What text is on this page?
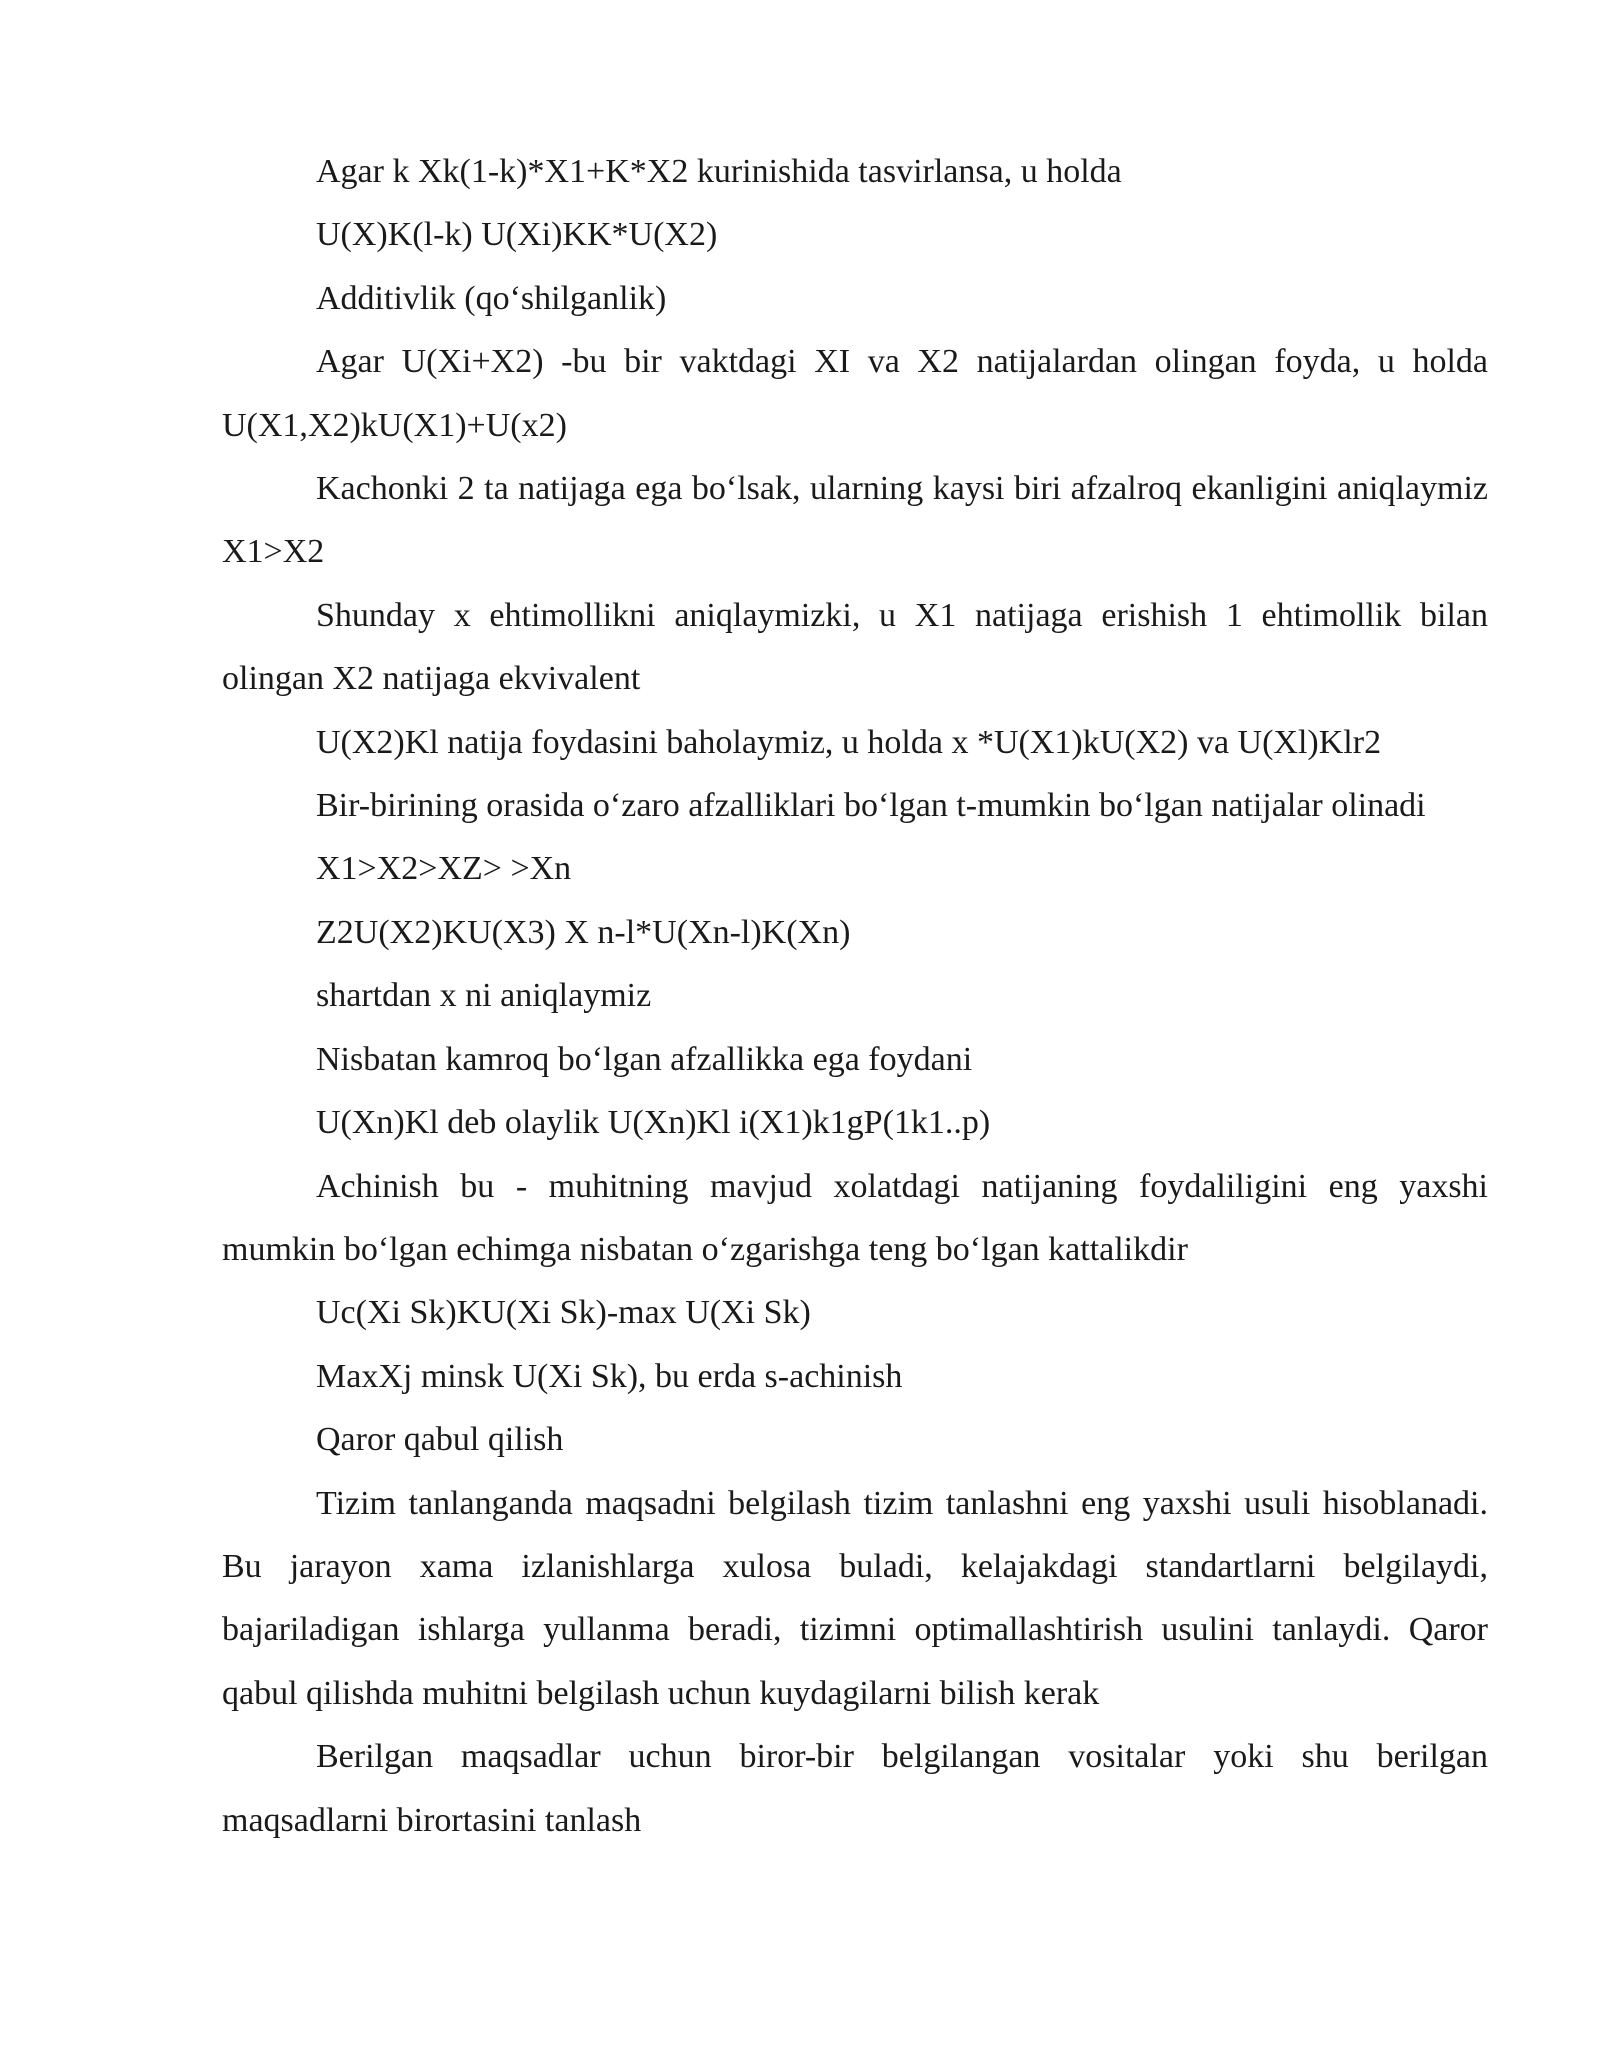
Agar k Xk(1-k)*X1+K*X2 kurinishida tasvirlansa, u holda

U(X)K(l-k) U(Xi)KK*U(X2)

Additivlik (qo‘shilganlik)

Agar U(Xi+X2) -bu bir vaktdagi XI va X2 natijalardan olingan foyda, u holda U(X1,X2)kU(X1)+U(x2)

Kachonki 2 ta natijaga ega bo‘lsak, ularning kaysi biri afzalroq ekanligini aniqlaymiz X1>X2

Shunday x ehtimollikni aniqlaymizki, u X1 natijaga erishish 1 ehtimollik bilan olingan X2 natijaga ekvivalent

U(X2)Kl natija foydasini baholaymiz, u holda x *U(X1)kU(X2) va U(Xl)Klr2

Bir-birining orasida o‘zaro afzalliklari bo‘lgan t-mumkin bo‘lgan natijalar olinadi

X1>X2>XZ> >Xn

Z2U(X2)KU(X3) X n-l*U(Xn-l)K(Xn)

shartdan x ni aniqlaymiz

Nisbatan kamroq bo‘lgan afzallikka ega foydani

U(Xn)Kl deb olaylik U(Xn)Kl i(X1)k1gP(1k1..p)

Achinish bu - muhitning mavjud xolatdagi natijaning foydaliligini eng yaxshi mumkin bo‘lgan echimga nisbatan o‘zgarishga teng bo‘lgan kattalikdir

Uc(Xi Sk)KU(Xi Sk)-max U(Xi Sk)

MaxXj minsk U(Xi Sk), bu erda s-achinish

Qaror qabul qilish

Tizim tanlanganda maqsadni belgilash tizim tanlashni eng yaxshi usuli hisoblanadi. Bu jarayon xama izlanishlarga xulosa buladi, kelajakdagi standartlarni belgilaydi, bajariladigan ishlarga yullanma beradi, tizimni optimallashtirish usulini tanlaydi. Qaror qabul qilishda muhitni belgilash uchun kuydagilarni bilish kerak

Berilgan maqsadlar uchun biror-bir belgilangan vositalar yoki shu berilgan maqsadlarni birortasini tanlash
